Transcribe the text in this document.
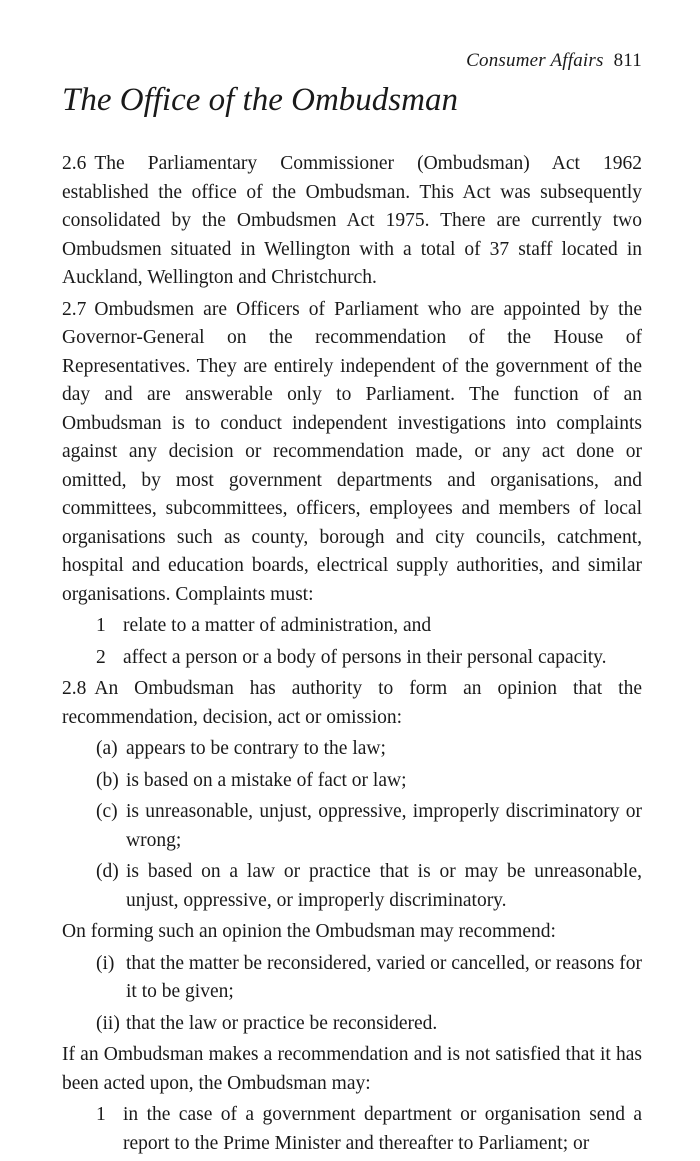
Consumer Affairs 811
The Office of the Ombudsman

2.6 The Parliamentary Commissioner (Ombudsman) Act 1962 established the office of the Ombudsman. This Act was subsequently consolidated by the Ombudsmen Act 1975. There are currently two Ombudsmen situated in Wellington with a total of 37 staff located in Auckland, Wellington and Christchurch.

2.7 Ombudsmen are Officers of Parliament who are appointed by the Governor-General on the recommendation of the House of Representatives. They are entirely independent of the government of the day and are answerable only to Parliament. The function of an Ombudsman is to conduct independent investigations into complaints against any decision or recommendation made, or any act done or omitted, by most government departments and organisations, and committees, subcommittees, officers, employees and members of local organisations such as county, borough and city councils, catchment, hospital and education boards, electrical supply authorities, and similar organisations. Complaints must:

1 relate to a matter of administration, and
2 affect a person or a body of persons in their personal capacity.

2.8 An Ombudsman has authority to form an opinion that the recommendation, decision, act or omission:

(a) appears to be contrary to the law;
(b) is based on a mistake of fact or law;
(c) is unreasonable, unjust, oppressive, improperly discriminatory or wrong;
(d) is based on a law or practice that is or may be unreasonable, unjust, oppressive, or improperly discriminatory.

On forming such an opinion the Ombudsman may recommend:

(i) that the matter be reconsidered, varied or cancelled, or reasons for it to be given;
(ii) that the law or practice be reconsidered.

If an Ombudsman makes a recommendation and is not satisfied that it has been acted upon, the Ombudsman may:

1 in the case of a government department or organisation send a report to the Prime Minister and thereafter to Parliament; or
